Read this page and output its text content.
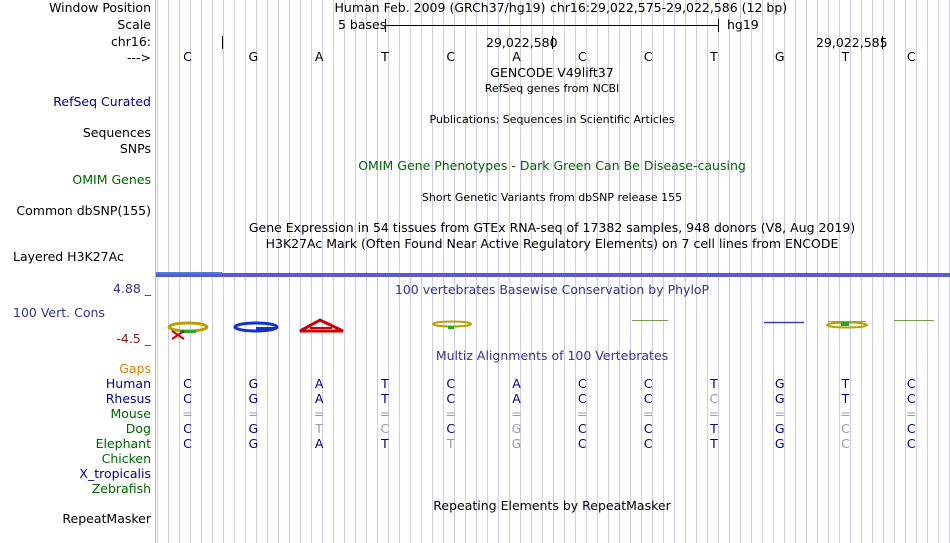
Window Position
Scale
chr16:
--->
RefSeq Curated
Sequences
SNPs
OMIM Genes
Common dbSNP(155)
Layered H3K27Ac
4.88 _
100 Vert. Cons
-4.5 _
Gaps
Human
Rhesus
Mouse
Dog
Elephant
Chicken
X_tropicalis
Zebrafish
RepeatMasker
Human Feb. 2009 (GRCh37/hg19) chr16:29,022,575-29,022,586 (12 bp)
5 bases	hg19
29,022,580	29,022,585
C	G	A	T	C	A	C	C	T	G	T	C
GENCODE V49lift37
RefSeq genes from NCBI
Publications: Sequences in Scientific Articles
OMIM Gene Phenotypes - Dark Green Can Be Disease-causing
Short Genetic Variants from dbSNP release 155
Gene Expression in 54 tissues from GTEx RNA-seq of 17382 samples, 948 donors (V8, Aug 2019)
H3K27Ac Mark (Often Found Near Active Regulatory Elements) on 7 cell lines from ENCODE
100 vertebrates Basewise Conservation by PhyloP
Multiz Alignments of 100 Vertebrates
Repeating Elements by RepeatMasker
C	G	A	T	C	A	C	C	T	G	T	C
C	G	A	T	C	A	C	C	C	G	T	C
=	=	=	=	=	=	=	=	=	=	=	=
C	G	T	C	C	G	C	C	T	G	C	C
C	G	A	T	T	G	C	C	T	G	C	C
